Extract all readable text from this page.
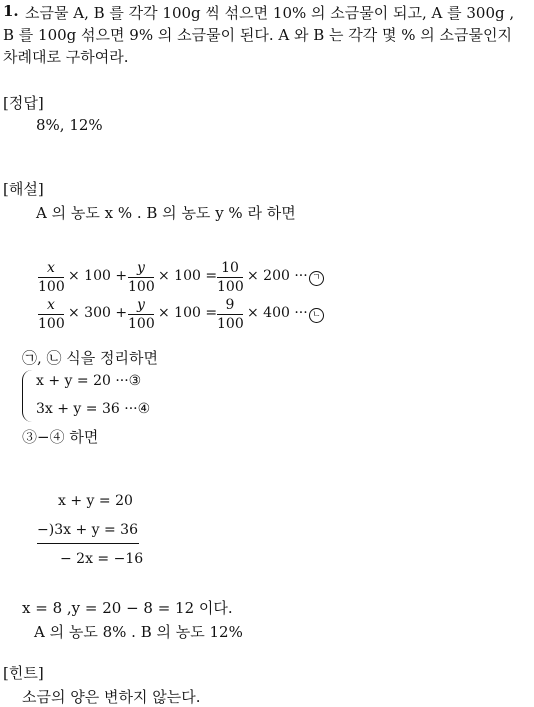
1. 소금물 A, B 를 각각 100g 씩 섞으면 10% 의 소금물이 되고, A 를 300g ,
B 를 100g 섞으면 9% 의 소금물이 된다. A 와 B 는 각각 몇 % 의 소금물인지
차례대로 구하여라.
[정답]
8%, 12%
[해설]
A 의 농도 x % . B 의 농도 y % 라 하면
x
100
× 100 + y
100
× 100 = 10
100
× 200 ··· ㄱ
x
100
× 300 + y
100
× 100 = 9
100
× 400 ··· ㄴ
㉠, ㉡ 식을 정리하면
x + y = 20 ···③
3x + y = 36 ···④
③−④ 하면
x + y = 20
−)3x + y = 36
− 2x = −16
x = 8 ,y = 20 − 8 = 12 이다.
A 의 농도 8% . B 의 농도 12%
[힌트]
소금의 양은 변하지 않는다.
